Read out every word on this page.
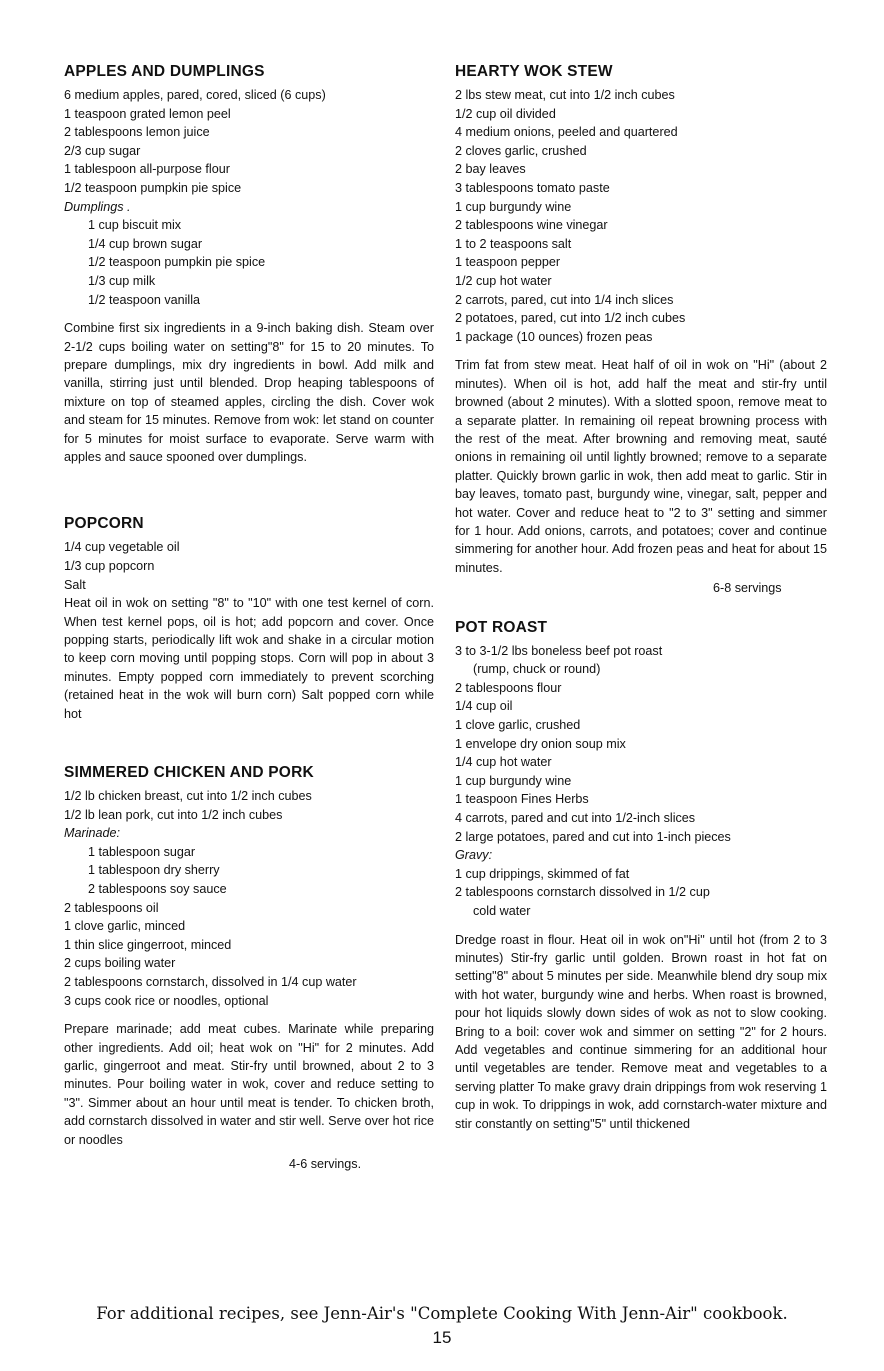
APPLES AND DUMPLINGS

6 medium apples, pared, cored, sliced (6 cups)

1 teaspoon grated lemon peel

2 tablespoons lemon juice

2/3 cup sugar

1 tablespoon all-purpose flour

1/2 teaspoon pumpkin pie spice

Dumplings .

1 cup biscuit mix

1/4 cup brown sugar

1/2 teaspoon pumpkin pie spice

1/3 cup milk

1/2 teaspoon vanilla

Combine first six ingredients in a 9-inch baking dish. Steam over 2-1/2 cups boiling water on setting"8" for 15 to 20 minutes. To prepare dumplings, mix dry ingredients in bowl. Add milk and vanilla, stirring just until blended. Drop heaping tablespoons of mixture on top of steamed apples, circling the dish. Cover wok and steam for 15 minutes. Remove from wok: let stand on counter for 5 minutes for moist surface to evaporate. Serve warm with apples and sauce spooned over dumplings.

POPCORN

1/4 cup vegetable oil

1/3 cup popcorn

Salt

Heat oil in wok on setting "8" to "10" with one test kernel of corn. When test kernel pops, oil is hot; add popcorn and cover. Once popping starts, periodically lift wok and shake in a circular motion to keep corn moving until popping stops. Corn will pop in about 3 minutes. Empty popped corn immediately to prevent scorching (retained heat in the wok will burn corn) Salt popped corn while hot

SIMMERED CHICKEN AND PORK

1/2 lb chicken breast, cut into 1/2 inch cubes

1/2 lb lean pork, cut into 1/2 inch cubes

Marinade:

1 tablespoon sugar

1 tablespoon dry sherry

2 tablespoons soy sauce

2 tablespoons oil

1 clove garlic, minced

1 thin slice gingerroot, minced

2 cups boiling water

2 tablespoons cornstarch, dissolved in 1/4 cup water

3 cups cook rice or noodles, optional

Prepare marinade; add meat cubes. Marinate while preparing other ingredients. Add oil; heat wok on "Hi" for 2 minutes. Add garlic, gingerroot and meat. Stir-fry until browned, about 2 to 3 minutes. Pour boiling water in wok, cover and reduce setting to "3". Simmer about an hour until meat is tender. To chicken broth, add cornstarch dissolved in water and stir well. Serve over hot rice or noodles

4-6 servings.

HEARTY WOK STEW

2 lbs stew meat, cut into 1/2 inch cubes

1/2 cup oil divided

4 medium onions, peeled and quartered

2 cloves garlic, crushed

2 bay leaves

3 tablespoons tomato paste

1 cup burgundy wine

2 tablespoons wine vinegar

1 to 2 teaspoons salt

1 teaspoon pepper

1/2 cup hot water

2 carrots, pared, cut into 1/4 inch slices

2 potatoes, pared, cut into 1/2 inch cubes

1 package (10 ounces) frozen peas

Trim fat from stew meat. Heat half of oil in wok on "Hi" (about 2 minutes). When oil is hot, add half the meat and stir-fry until browned (about 2 minutes). With a slotted spoon, remove meat to a separate platter. In remaining oil repeat browning process with the rest of the meat. After browning and removing meat, sauté onions in remaining oil until lightly browned; remove to a separate platter. Quickly brown garlic in wok, then add meat to garlic. Stir in bay leaves, tomato past, burgundy wine, vinegar, salt, pepper and hot water. Cover and reduce heat to "2 to 3" setting and simmer for 1 hour. Add onions, carrots, and potatoes; cover and continue simmering for another hour. Add frozen peas and heat for about 15 minutes.

6-8 servings

POT ROAST

3 to 3-1/2 lbs boneless beef pot roast

(rump, chuck or round)

2 tablespoons flour

1/4 cup oil

1 clove garlic, crushed

1 envelope dry onion soup mix

1/4 cup hot water

1 cup burgundy wine

1 teaspoon Fines Herbs

4 carrots, pared and cut into 1/2-inch slices

2 large potatoes, pared and cut into 1-inch pieces

Gravy:

1 cup drippings, skimmed of fat

2 tablespoons cornstarch dissolved in 1/2 cup

cold water

Dredge roast in flour. Heat oil in wok on"Hi" until hot (from 2 to 3 minutes) Stir-fry garlic until golden. Brown roast in hot fat on setting"8" about 5 minutes per side. Meanwhile blend dry soup mix with hot water, burgundy wine and herbs. When roast is browned, pour hot liquids slowly down sides of wok as not to slow cooking. Bring to a boil: cover wok and simmer on setting "2" for 2 hours. Add vegetables and continue simmering for an additional hour until vegetables are tender. Remove meat and vegetables to a serving platter To make gravy drain drippings from wok reserving 1 cup in wok. To drippings in wok, add cornstarch-water mixture and stir constantly on setting"5" until thickened

For additional recipes, see Jenn-Air's "Complete Cooking With Jenn-Air" cookbook.

15
